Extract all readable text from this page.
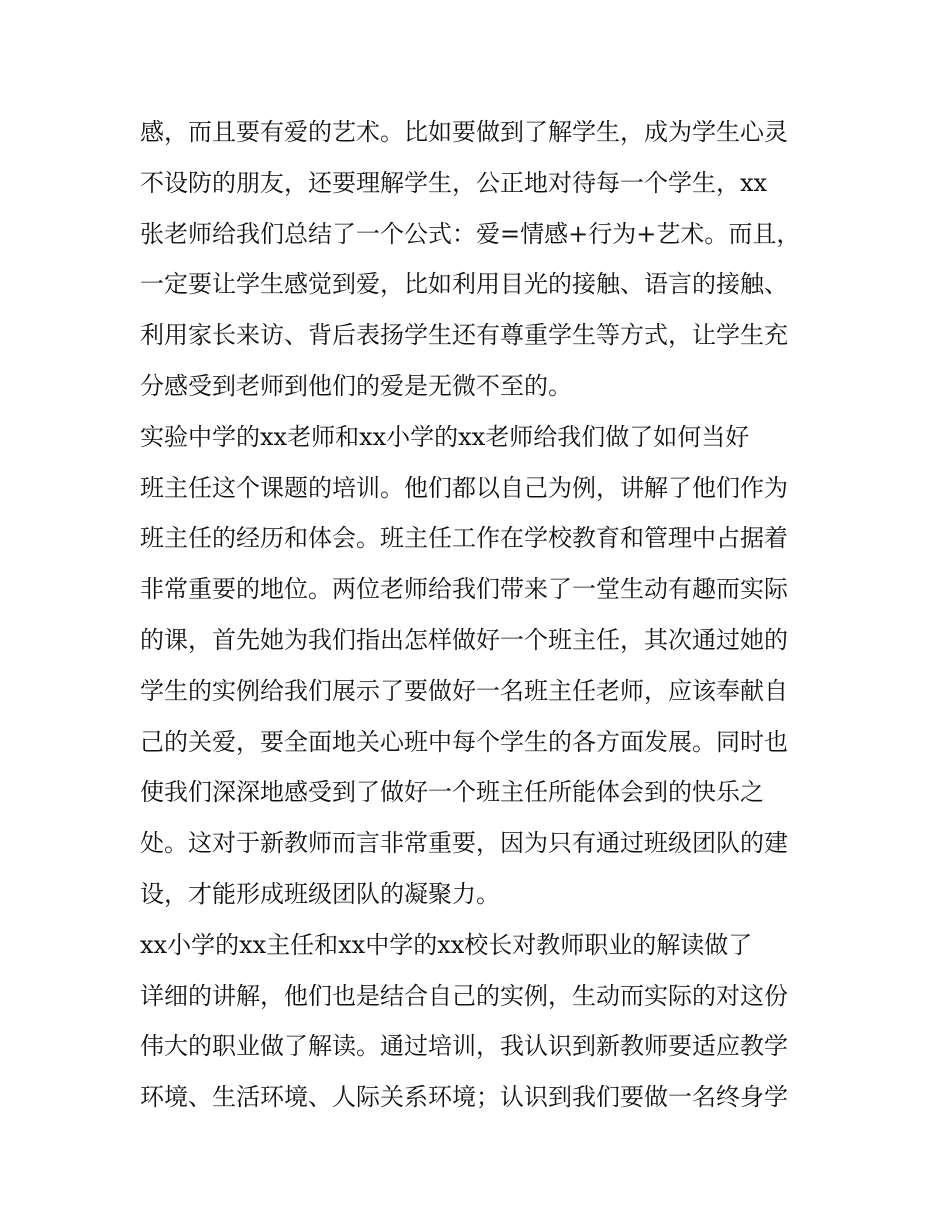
感，而且要有爱的艺术。比如要做到了解学生，成为学生心灵
不设防的朋友，还要理解学生，公正地对待每一个学生，xx
张老师给我们总结了一个公式：爱=情感+行为+艺术。而且，
一定要让学生感觉到爱，比如利用目光的接触、语言的接触、
利用家长来访、背后表扬学生还有尊重学生等方式，让学生充
分感受到老师到他们的爱是无微不至的。
实验中学的xx老师和xx小学的xx老师给我们做了如何当好
班主任这个课题的培训。他们都以自己为例，讲解了他们作为
班主任的经历和体会。班主任工作在学校教育和管理中占据着
非常重要的地位。两位老师给我们带来了一堂生动有趣而实际
的课，首先她为我们指出怎样做好一个班主任，其次通过她的
学生的实例给我们展示了要做好一名班主任老师，应该奉献自
己的关爱，要全面地关心班中每个学生的各方面发展。同时也
使我们深深地感受到了做好一个班主任所能体会到的快乐之
处。这对于新教师而言非常重要，因为只有通过班级团队的建
设，才能形成班级团队的凝聚力。
xx小学的xx主任和xx中学的xx校长对教师职业的解读做了
详细的讲解，他们也是结合自己的实例，生动而实际的对这份
伟大的职业做了解读。通过培训，我认识到新教师要适应教学
环境、生活环境、人际关系环境；认识到我们要做一名终身学
